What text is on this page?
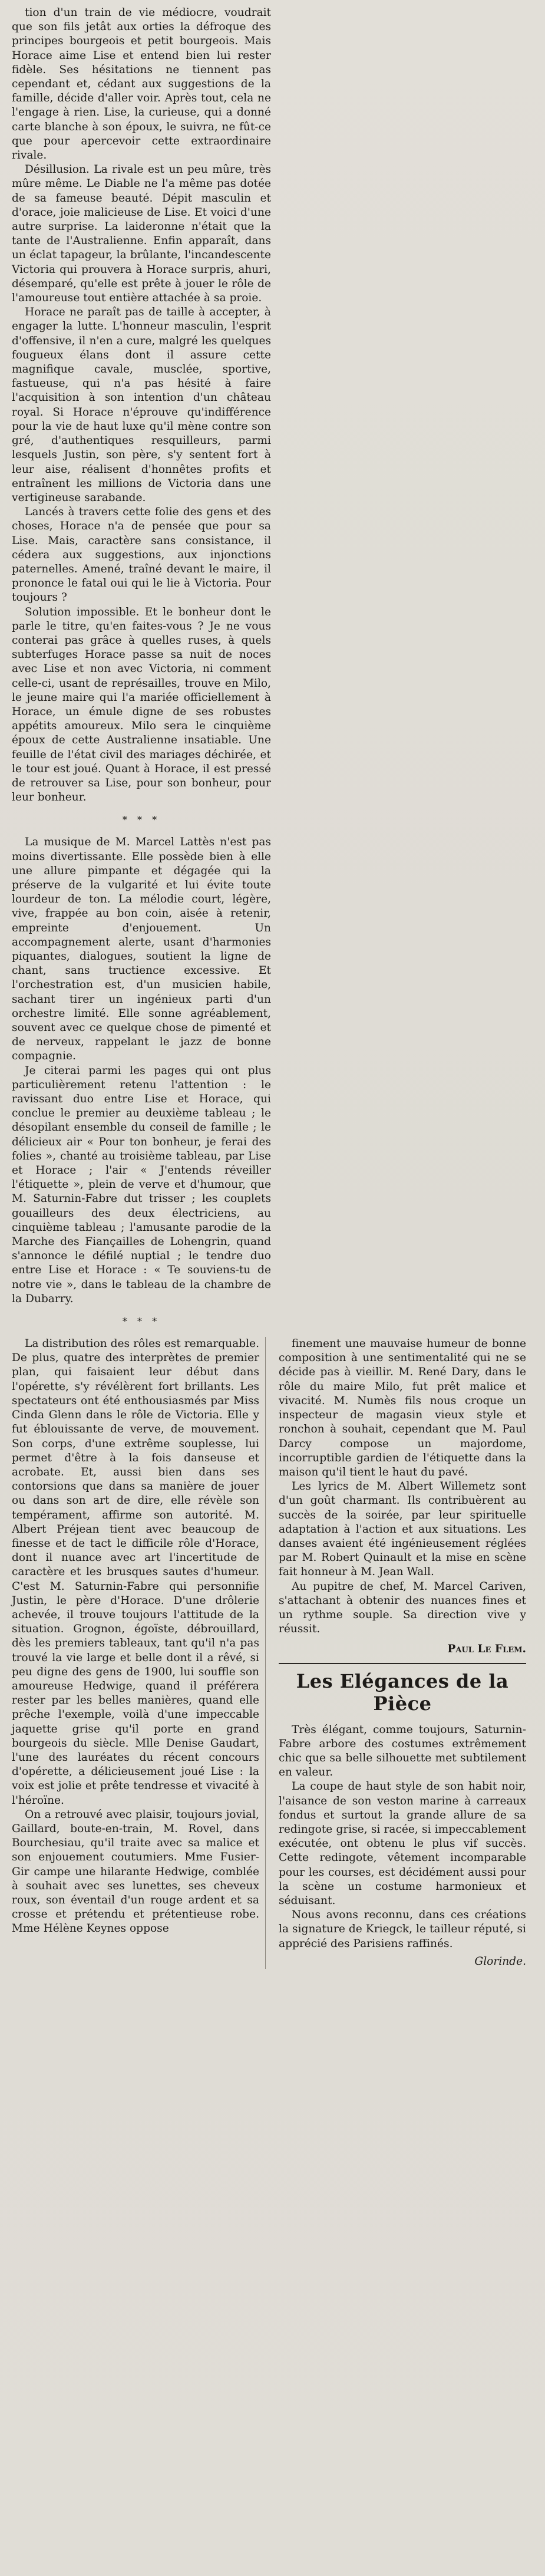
tion d'un train de vie médiocre, voudrait que son fils jetât aux orties la défroque des principes bourgeois et petit bourgeois. Mais Horace aime Lise et entend bien lui rester fidèle. Ses hésitations ne tiennent pas cependant et, cédant aux suggestions de la famille, décide d'aller voir. Après tout, cela ne l'engage à rien. Lise, la curieuse, qui a donné carte blanche à son époux, le suivra, ne fût-ce que pour apercevoir cette extraordinaire rivale.

Désillusion. La rivale est un peu mûre, très mûre même. Le Diable ne l'a même pas dotée de sa fameuse beauté. Dépit masculin et d'orace, joie malicieuse de Lise. Et voici d'une autre surprise. La laideronne n'était que la tante de l'Australienne. Enfin apparaît, dans un éclat tapageur, la brûlante, l'incandescente Victoria qui prouvera à Horace surpris, ahuri, désemparé, qu'elle est prête à jouer le rôle de l'amoureuse tout entière attachée à sa proie.

Horace ne paraît pas de taille à accepter, à engager la lutte. L'honneur masculin, l'esprit d'offensive, il n'en a cure, malgré les quelques fougueux élans dont il assure cette magnifique cavale, musclée, sportive, fastueuse, qui n'a pas hésité à faire l'acquisition à son intention d'un château royal. Si Horace n'éprouve qu'indifférence pour la vie de haut luxe qu'il mène contre son gré, d'authentiques resquilleurs, parmi lesquels Justin, son père, s'y sentent fort à leur aise, réalisent d'honnêtes profits et entraînent les millions de Victoria dans une vertigineuse sarabande.

Lancés à travers cette folie des gens et des choses, Horace n'a de pensée que pour sa Lise. Mais, caractère sans consistance, il cédera aux suggestions, aux injonctions paternelles. Amené, traîné devant le maire, il prononce le fatal oui qui le lie à Victoria. Pour toujours ?

Solution impossible. Et le bonheur dont le parle le titre, qu'en faites-vous ? Je ne vous conterai pas grâce à quelles ruses, à quels subterfuges Horace passe sa nuit de noces avec Lise et non avec Victoria, ni comment celle-ci, usant de représailles, trouve en Milo, le jeune maire qui l'a mariée officiellement à Horace, un émule digne de ses robustes appétits amoureux. Milo sera le cinquième époux de cette Australienne insatiable. Une feuille de l'état civil des mariages déchirée, et le tour est joué. Quant à Horace, il est pressé de retrouver sa Lise, pour son bonheur, pour leur bonheur.

* * *

La musique de M. Marcel Lattès n'est pas moins divertissante. Elle possède bien à elle une allure pimpante et dégagée qui la préserve de la vulgarité et lui évite toute lourdeur de ton. La mélodie court, légère, vive, frappée au bon coin, aisée à retenir, empreinte d'enjouement. Un accompagnement alerte, usant d'harmonies piquantes, dialogues, soutient la ligne de chant, sans tructience excessive. Et l'orchestration est, d'un musicien habile, sachant tirer un ingénieux parti d'un orchestre limité. Elle sonne agréablement, souvent avec ce quelque chose de pimenté et de nerveux, rappelant le jazz de bonne compagnie.

Je citerai parmi les pages qui ont plus particulièrement retenu l'attention : le ravissant duo entre Lise et Horace, qui conclue le premier au deuxième tableau ; le désopilant ensemble du conseil de famille ; le délicieux air « Pour ton bonheur, je ferai des folies », chanté au troisième tableau, par Lise et Horace ; l'air « J'entends réveiller l'étiquette », plein de verve et d'humour, que M. Saturnin-Fabre dut trisser ; les couplets gouailleurs des deux électriciens, au cinquième tableau ; l'amusante parodie de la Marche des Fiançailles de Lohengrin, quand s'annonce le défilé nuptial ; le tendre duo entre Lise et Horace : « Te souviens-tu de notre vie », dans le tableau de la chambre de la Dubarry.

* * *

La distribution des rôles est remarquable. De plus, quatre des interprètes de premier plan, qui faisaient leur début dans l'opérette, s'y révélèrent fort brillants. Les spectateurs ont été enthousiasmés par Miss Cinda Glenn dans le rôle de Victoria. Elle y fut éblouissante de verve, de mouvement. Son corps, d'une extrême souplesse, lui permet d'être à la fois danseuse et acrobate. Et, aussi bien dans ses contorsions que dans sa manière de jouer ou dans son art de dire, elle révèle son tempérament, affirme son autorité. M. Albert Préjean tient avec beaucoup de finesse et de tact le difficile rôle d'Horace, dont il nuance avec art l'incertitude de caractère et les brusques sautes d'humeur. C'est M. Saturnin-Fabre qui personnifie Justin, le père d'Horace. D'une drôlerie achevée, il trouve toujours l'attitude de la situation. Grognon, égoïste, débrouillard, dès les premiers tableaux, tant qu'il n'a pas trouvé la vie large et belle dont il a rêvé, si peu digne des gens de 1900, lui souffle son amoureuse Hedwige, quand il préférera rester par les belles manières, quand elle prêche l'exemple, voilà d'une impeccable jaquette grise qu'il porte en grand bourgeois du siècle. Mlle Denise Gaudart, l'une des lauréates du récent concours d'opérette, a délicieusement joué Lise : la voix est jolie et prête tendresse et vivacité à l'héroïne.

On a retrouvé avec plaisir, toujours jovial, Gaillard, boute-en-train, M. Rovel, dans Bourchesiau, qu'il traite avec sa malice et son enjouement coutumiers. Mme Fusier-Gir campe une hilarante Hedwige, comblée à souhait avec ses lunettes, ses cheveux roux, son éventail d'un rouge ardent et sa crosse et prétendu et prétentieuse robe. Mme Hélène Keynes oppose

finement une mauvaise humeur de bonne composition à une sentimentalité qui ne se décide pas à vieillir. M. René Dary, dans le rôle du maire Milo, fut prêt malice et vivacité. M. Numès fils nous croque un inspecteur de magasin vieux style et ronchon à souhait, cependant que M. Paul Darcy compose un majordome, incorruptible gardien de l'étiquette dans la maison qu'il tient le haut du pavé.

Les lyrics de M. Albert Willemetz sont d'un goût charmant. Ils contribuèrent au succès de la soirée, par leur spirituelle adaptation à l'action et aux situations. Les danses avaient été ingénieusement réglées par M. Robert Quinault et la mise en scène fait honneur à M. Jean Wall.

Au pupitre de chef, M. Marcel Cariven, s'attachant à obtenir des nuances fines et un rythme souple. Sa direction vive y réussit.

Paul Le Flem.
Les Elégances de la Pièce

Très élégant, comme toujours, Saturnin-Fabre arbore des costumes extrêmement chic que sa belle silhouette met subtilement en valeur.

La coupe de haut style de son habit noir, l'aisance de son veston marine à carreaux fondus et surtout la grande allure de sa redingote grise, si racée, si impeccablement exécutée, ont obtenu le plus vif succès. Cette redingote, vêtement incomparable pour les courses, est décidément aussi pour la scène un costume harmonieux et séduisant.

Nous avons reconnu, dans ces créations la signature de Kriegck, le tailleur réputé, si apprécié des Parisiens raffinés.

Glorinde.
